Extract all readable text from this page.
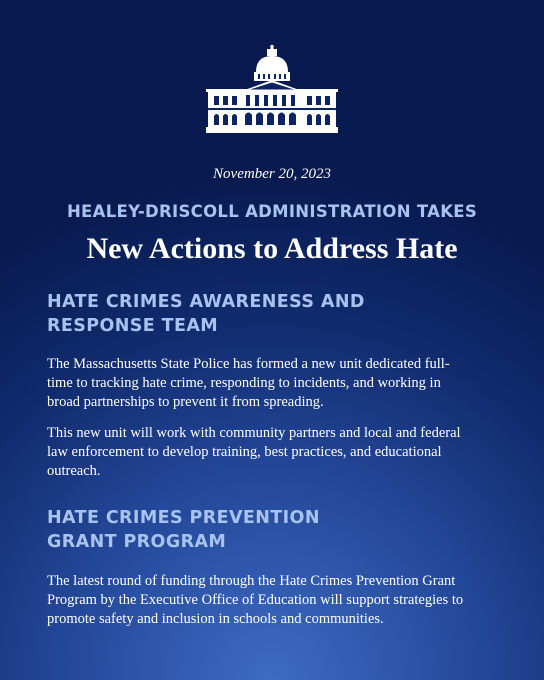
November 20, 2023

HEALEY-DRISCOLL ADMINISTRATION TAKES

New Actions to Address Hate
HATE CRIMES AWARENESS AND
RESPONSE TEAM

The Massachusetts State Police has formed a new unit dedicated full-
time to tracking hate crime, responding to incidents, and working in
broad partnerships to prevent it from spreading.

This new unit will work with community partners and local and federal
law enforcement to develop training, best practices, and educational
outreach.

HATE CRIMES PREVENTION
GRANT PROGRAM

The latest round of funding through the Hate Crimes Prevention Grant
Program by the Executive Office of Education will support strategies to
promote safety and inclusion in schools and communities.
